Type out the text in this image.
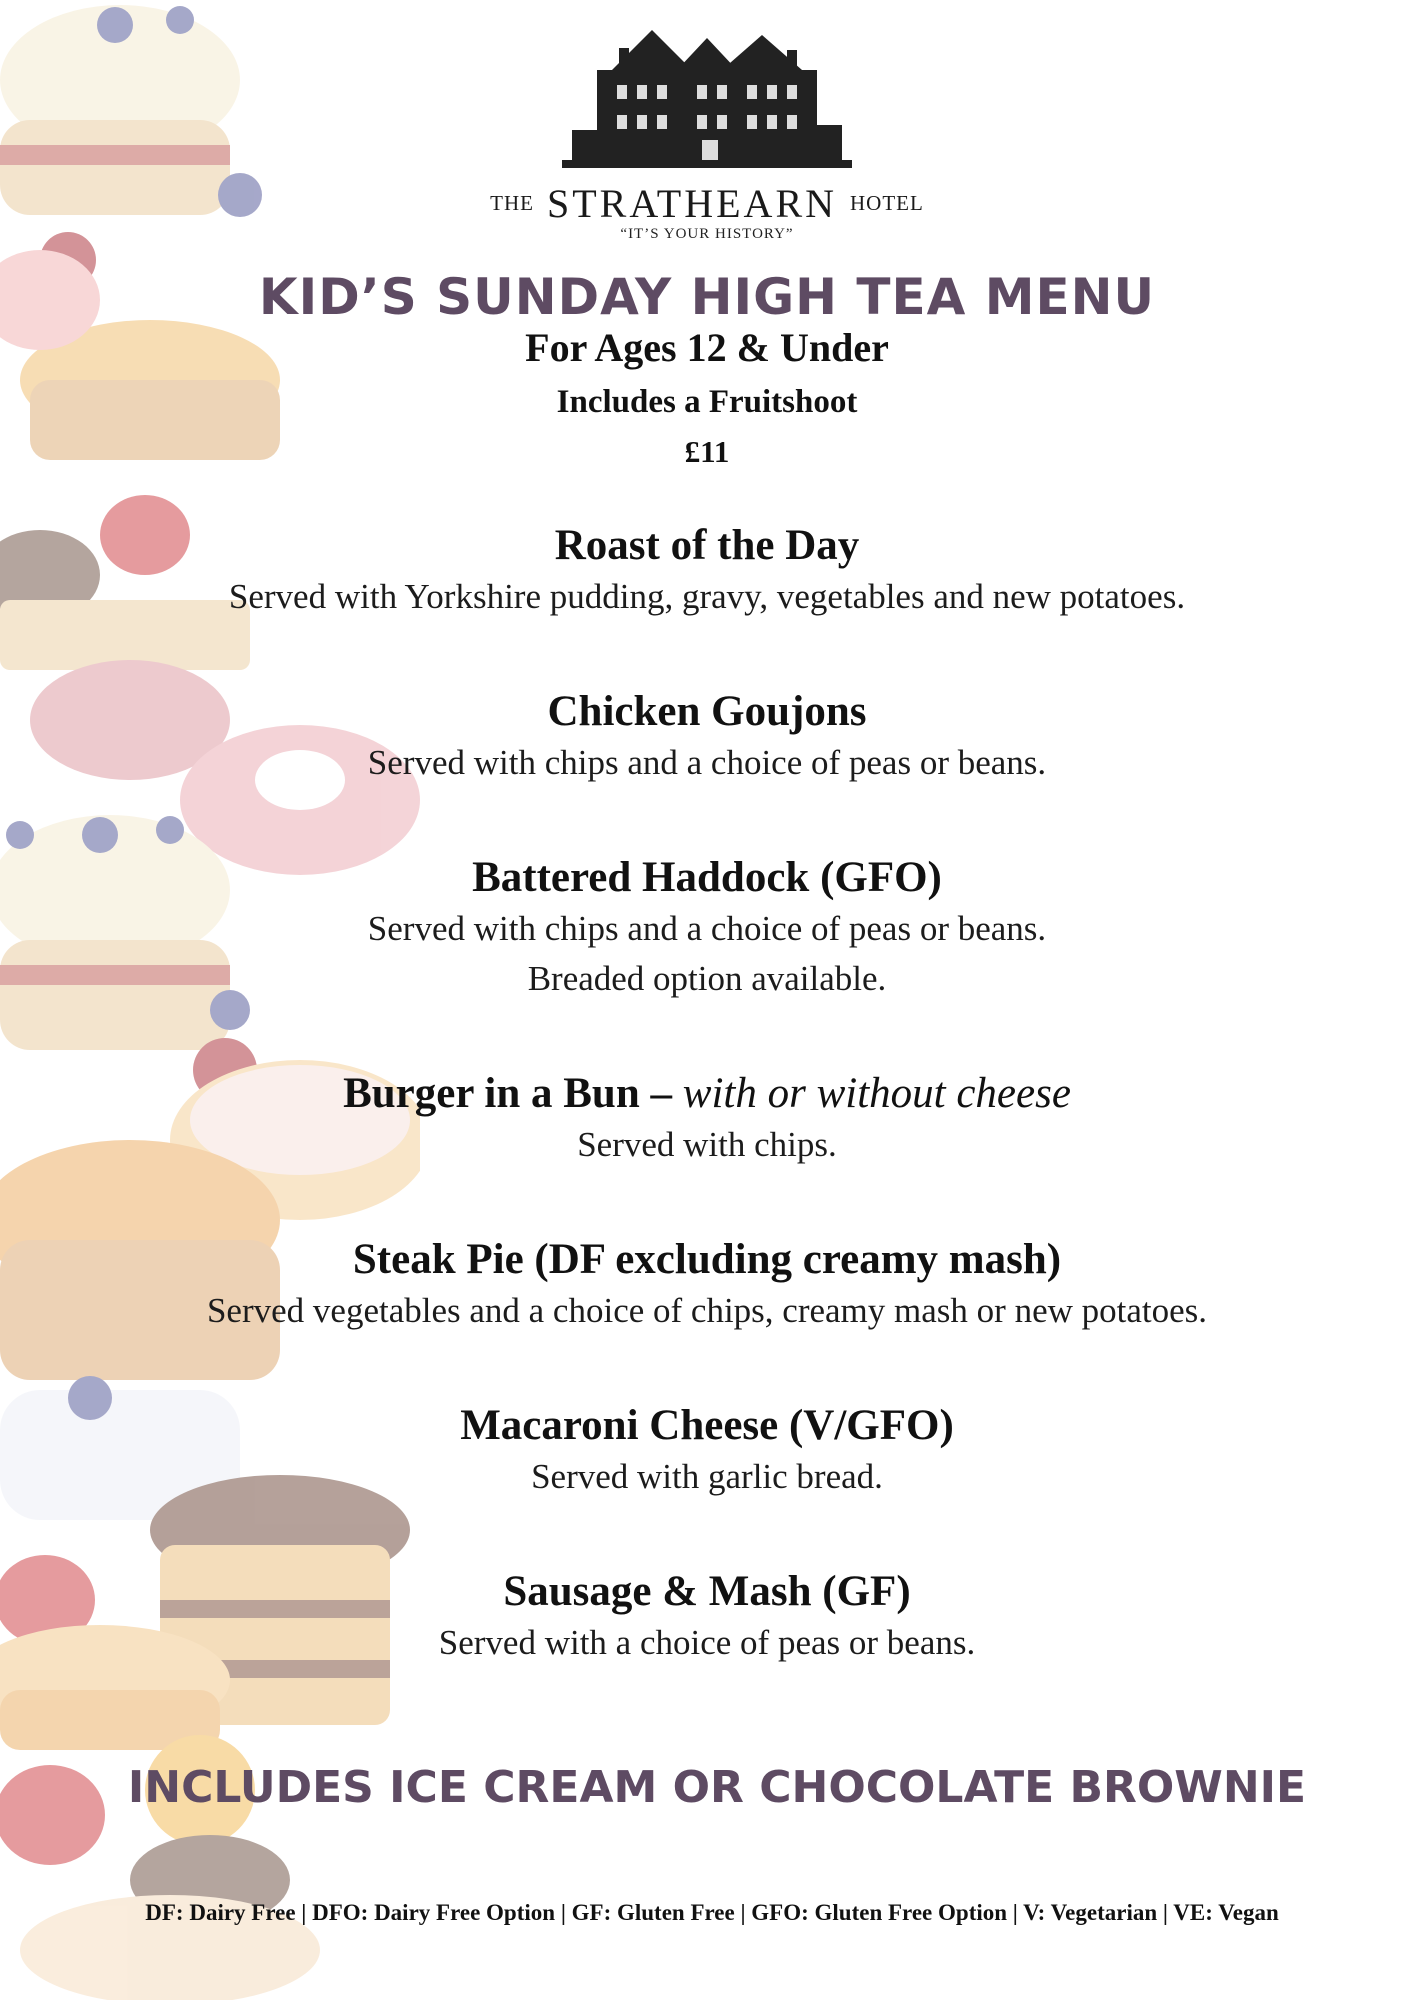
THE STRATHEARN HOTEL
“IT’S YOUR HISTORY”
KID’S SUNDAY HIGH TEA MENU
For Ages 12 & Under
Includes a Fruitshoot
£11
Roast of the Day
Served with Yorkshire pudding, gravy, vegetables and new potatoes.
Chicken Goujons
Served with chips and a choice of peas or beans.
Battered Haddock (GFO)
Served with chips and a choice of peas or beans.
Breaded option available.
Burger in a Bun – with or without cheese
Served with chips.
Steak Pie (DF excluding creamy mash)
Served vegetables and a choice of chips, creamy mash or new potatoes.
Macaroni Cheese (V/GFO)
Served with garlic bread.
Sausage & Mash (GF)
Served with a choice of peas or beans.
INCLUDES ICE CREAM OR CHOCOLATE BROWNIE
DF: Dairy Free | DFO: Dairy Free Option | GF: Gluten Free | GFO: Gluten Free Option | V: Vegetarian | VE: Vegan
